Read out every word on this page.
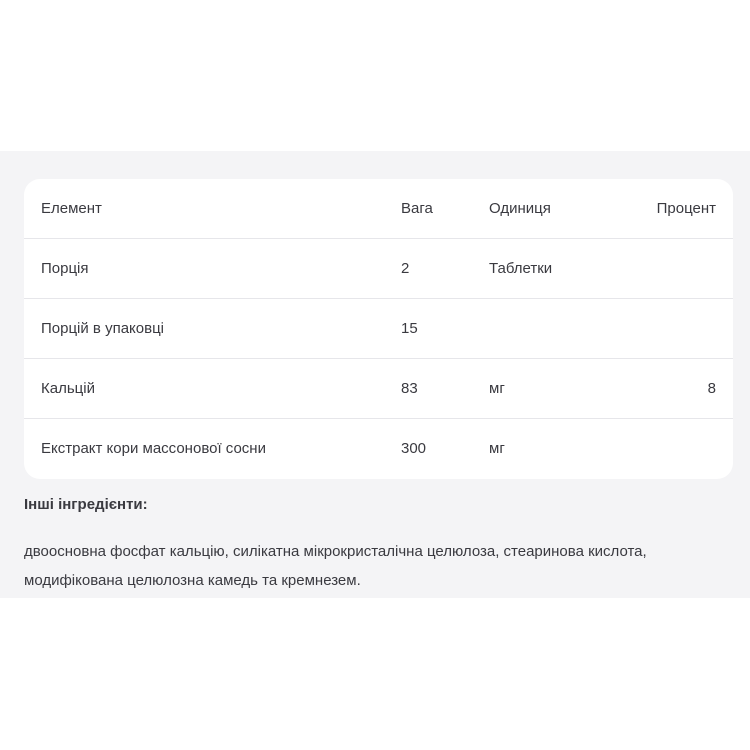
Елемент	Вага	Одиниця	Процент
Порція	2	Таблетки
Порцій в упаковці	15
Кальцій	83	мг	8
Екстракт кори массонової сосни	300	мг
Інші інгредієнти:
двоосновна фосфат кальцію, силікатна мікрокристалічна целюлоза, стеаринова кислота,
модифікована целюлозна камедь та кремнезем.
